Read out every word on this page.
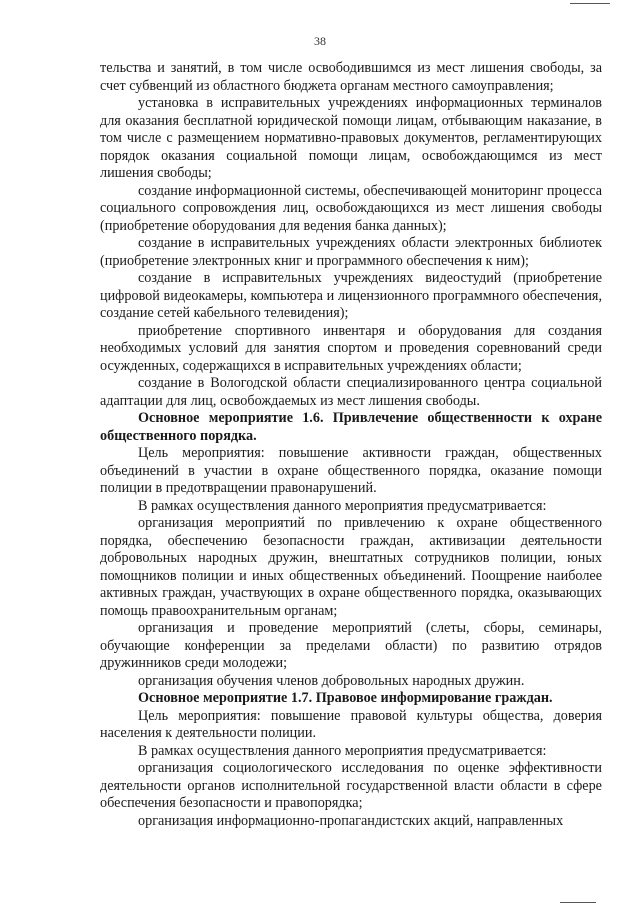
38

тельства и занятий, в том числе освободившимся из мест лишения свободы, за счет субвенций из областного бюджета органам местного самоуправления;

установка в исправительных учреждениях информационных терминалов для оказания бесплатной юридической помощи лицам, отбывающим наказание, в том числе с размещением нормативно-правовых документов, регламентирующих порядок оказания социальной помощи лицам, освобождающимся из мест лишения свободы;

создание информационной системы, обеспечивающей мониторинг процесса социального сопровождения лиц, освобождающихся из мест лишения свободы (приобретение оборудования для ведения банка данных);

создание в исправительных учреждениях области электронных библиотек (приобретение электронных книг и программного обеспечения к ним);

создание в исправительных учреждениях видеостудий (приобретение цифровой видеокамеры, компьютера и лицензионного программного обеспечения, создание сетей кабельного телевидения);

приобретение спортивного инвентаря и оборудования для создания необходимых условий для занятия спортом и проведения соревнований среди осужденных, содержащихся в исправительных учреждениях области;

создание в Вологодской области специализированного центра социальной адаптации для лиц, освобождаемых из мест лишения свободы.

Основное мероприятие 1.6. Привлечение общественности к охране общественного порядка.

Цель мероприятия: повышение активности граждан, общественных объединений в участии в охране общественного порядка, оказание помощи полиции в предотвращении правонарушений.

В рамках осуществления данного мероприятия предусматривается:

организация мероприятий по привлечению к охране общественного порядка, обеспечению безопасности граждан, активизации деятельности добровольных народных дружин, внештатных сотрудников полиции, юных помощников полиции и иных общественных объединений. Поощрение наиболее активных граждан, участвующих в охране общественного порядка, оказывающих помощь правоохранительным органам;

организация и проведение мероприятий (слеты, сборы, семинары, обучающие конференции за пределами области) по развитию отрядов дружинников среди молодежи;

организация обучения членов добровольных народных дружин.

Основное мероприятие 1.7. Правовое информирование граждан.

Цель мероприятия: повышение правовой культуры общества, доверия населения к деятельности полиции.

В рамках осуществления данного мероприятия предусматривается:

организация социологического исследования по оценке эффективности деятельности органов исполнительной государственной власти области в сфере обеспечения безопасности и правопорядка;

организация информационно-пропагандистских акций, направленных
